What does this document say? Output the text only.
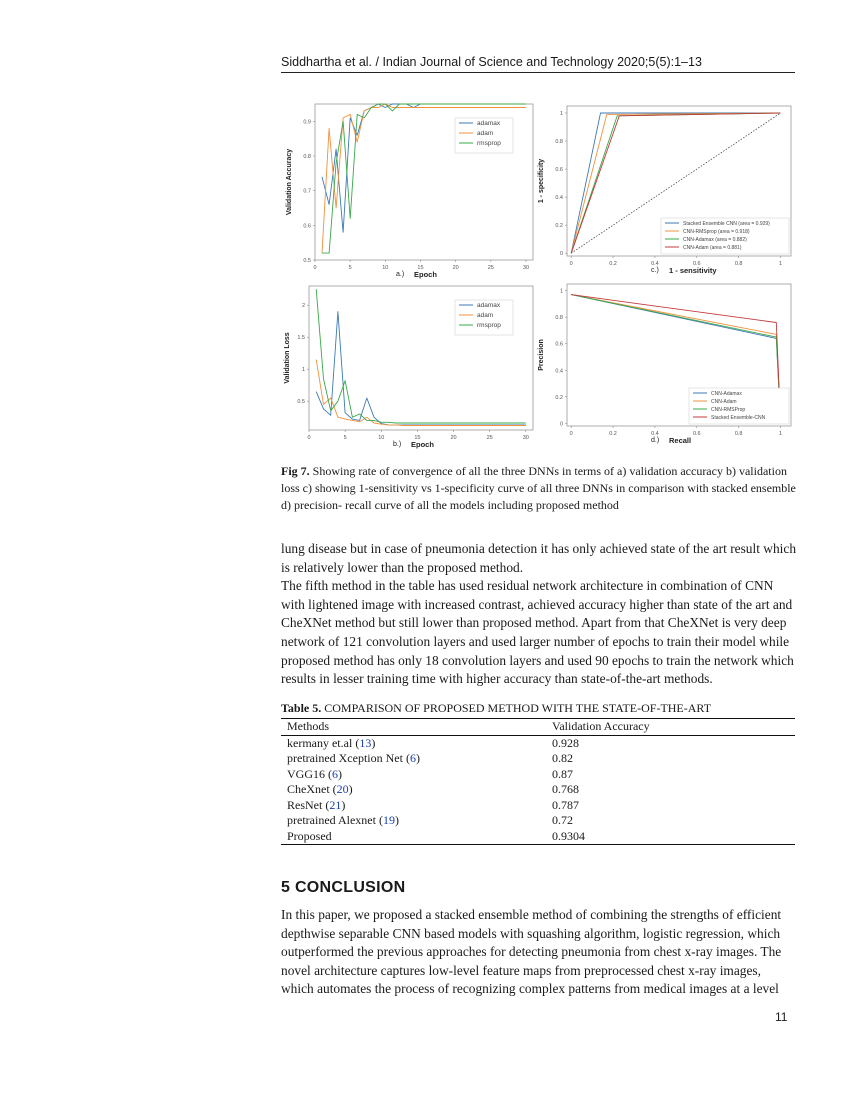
Siddhartha et al. / Indian Journal of Science and Technology 2020;5(5):1–13
0	5	10	15	20	25	30
0.5
0.6
0.7
0.8
0.9	adamax
adam
rmsprop
Validation Accuracy
a.) Epoch
0	0.2	0.4	0.6	0.8	1
0
0.2
0.4
0.6
0.8
1
Stacked Ensemble CNN (area = 0.929)
CNN-RMSprop (area = 0.918)
CNN-Adamax (area = 0.882)
CNN-Adam (area = 0.881)
1 - specificity
c.) 1 - sensitivity
0	5	10	15	20	25	30
0.5
1
1.5
2	adamax
adam
rmsprop
Validation Loss
b.) Epoch
0	0.2	0.4	0.6	0.8	1
0
0.2
0.4
0.6
0.8
1
CNN-Adamax
CNN-Adam
CNN-RMSProp
Stacked Ensemble-CNN
Precision
d.) Recall
Fig 7. Showing rate of convergence of all the three DNNs in terms of a) validation accuracy b) validation loss c) showing 1-sensitivity vs 1-specificity curve of all three DNNs in comparison with stacked ensemble d) precision- recall curve of all the models including proposed method

lung disease but in case of pneumonia detection it has only achieved state of the art result which is relatively lower than the proposed method.

The fifth method in the table has used residual network architecture in combination of CNN with lightened image with increased contrast, achieved accuracy higher than state of the art and CheXNet method but still lower than proposed method. Apart from that CheXNet is very deep network of 121 convolution layers and used larger number of epochs to train their model while proposed method has only 18 convolution layers and used 90 epochs to train the network which results in lesser training time with higher accuracy than state-of-the-art methods.

Table 5. COMPARISON OF PROPOSED METHOD WITH THE STATE-OF-THE-ART
Methods	Validation Accuracy
kermany et.al (13)	0.928
pretrained Xception Net (6)	0.82
VGG16 (6)	0.87
CheXnet (20)	0.768
ResNet (21)	0.787
pretrained Alexnet (19)	0.72
Proposed	0.9304
5 CONCLUSION

In this paper, we proposed a stacked ensemble method of combining the strengths of efficient depthwise separable CNN based models with squashing algorithm, logistic regression, which outperformed the previous approaches for detecting pneumonia from chest x-ray images. The novel architecture captures low-level feature maps from preprocessed chest x-ray images, which automates the process of recognizing complex patterns from medical images at a level

11
